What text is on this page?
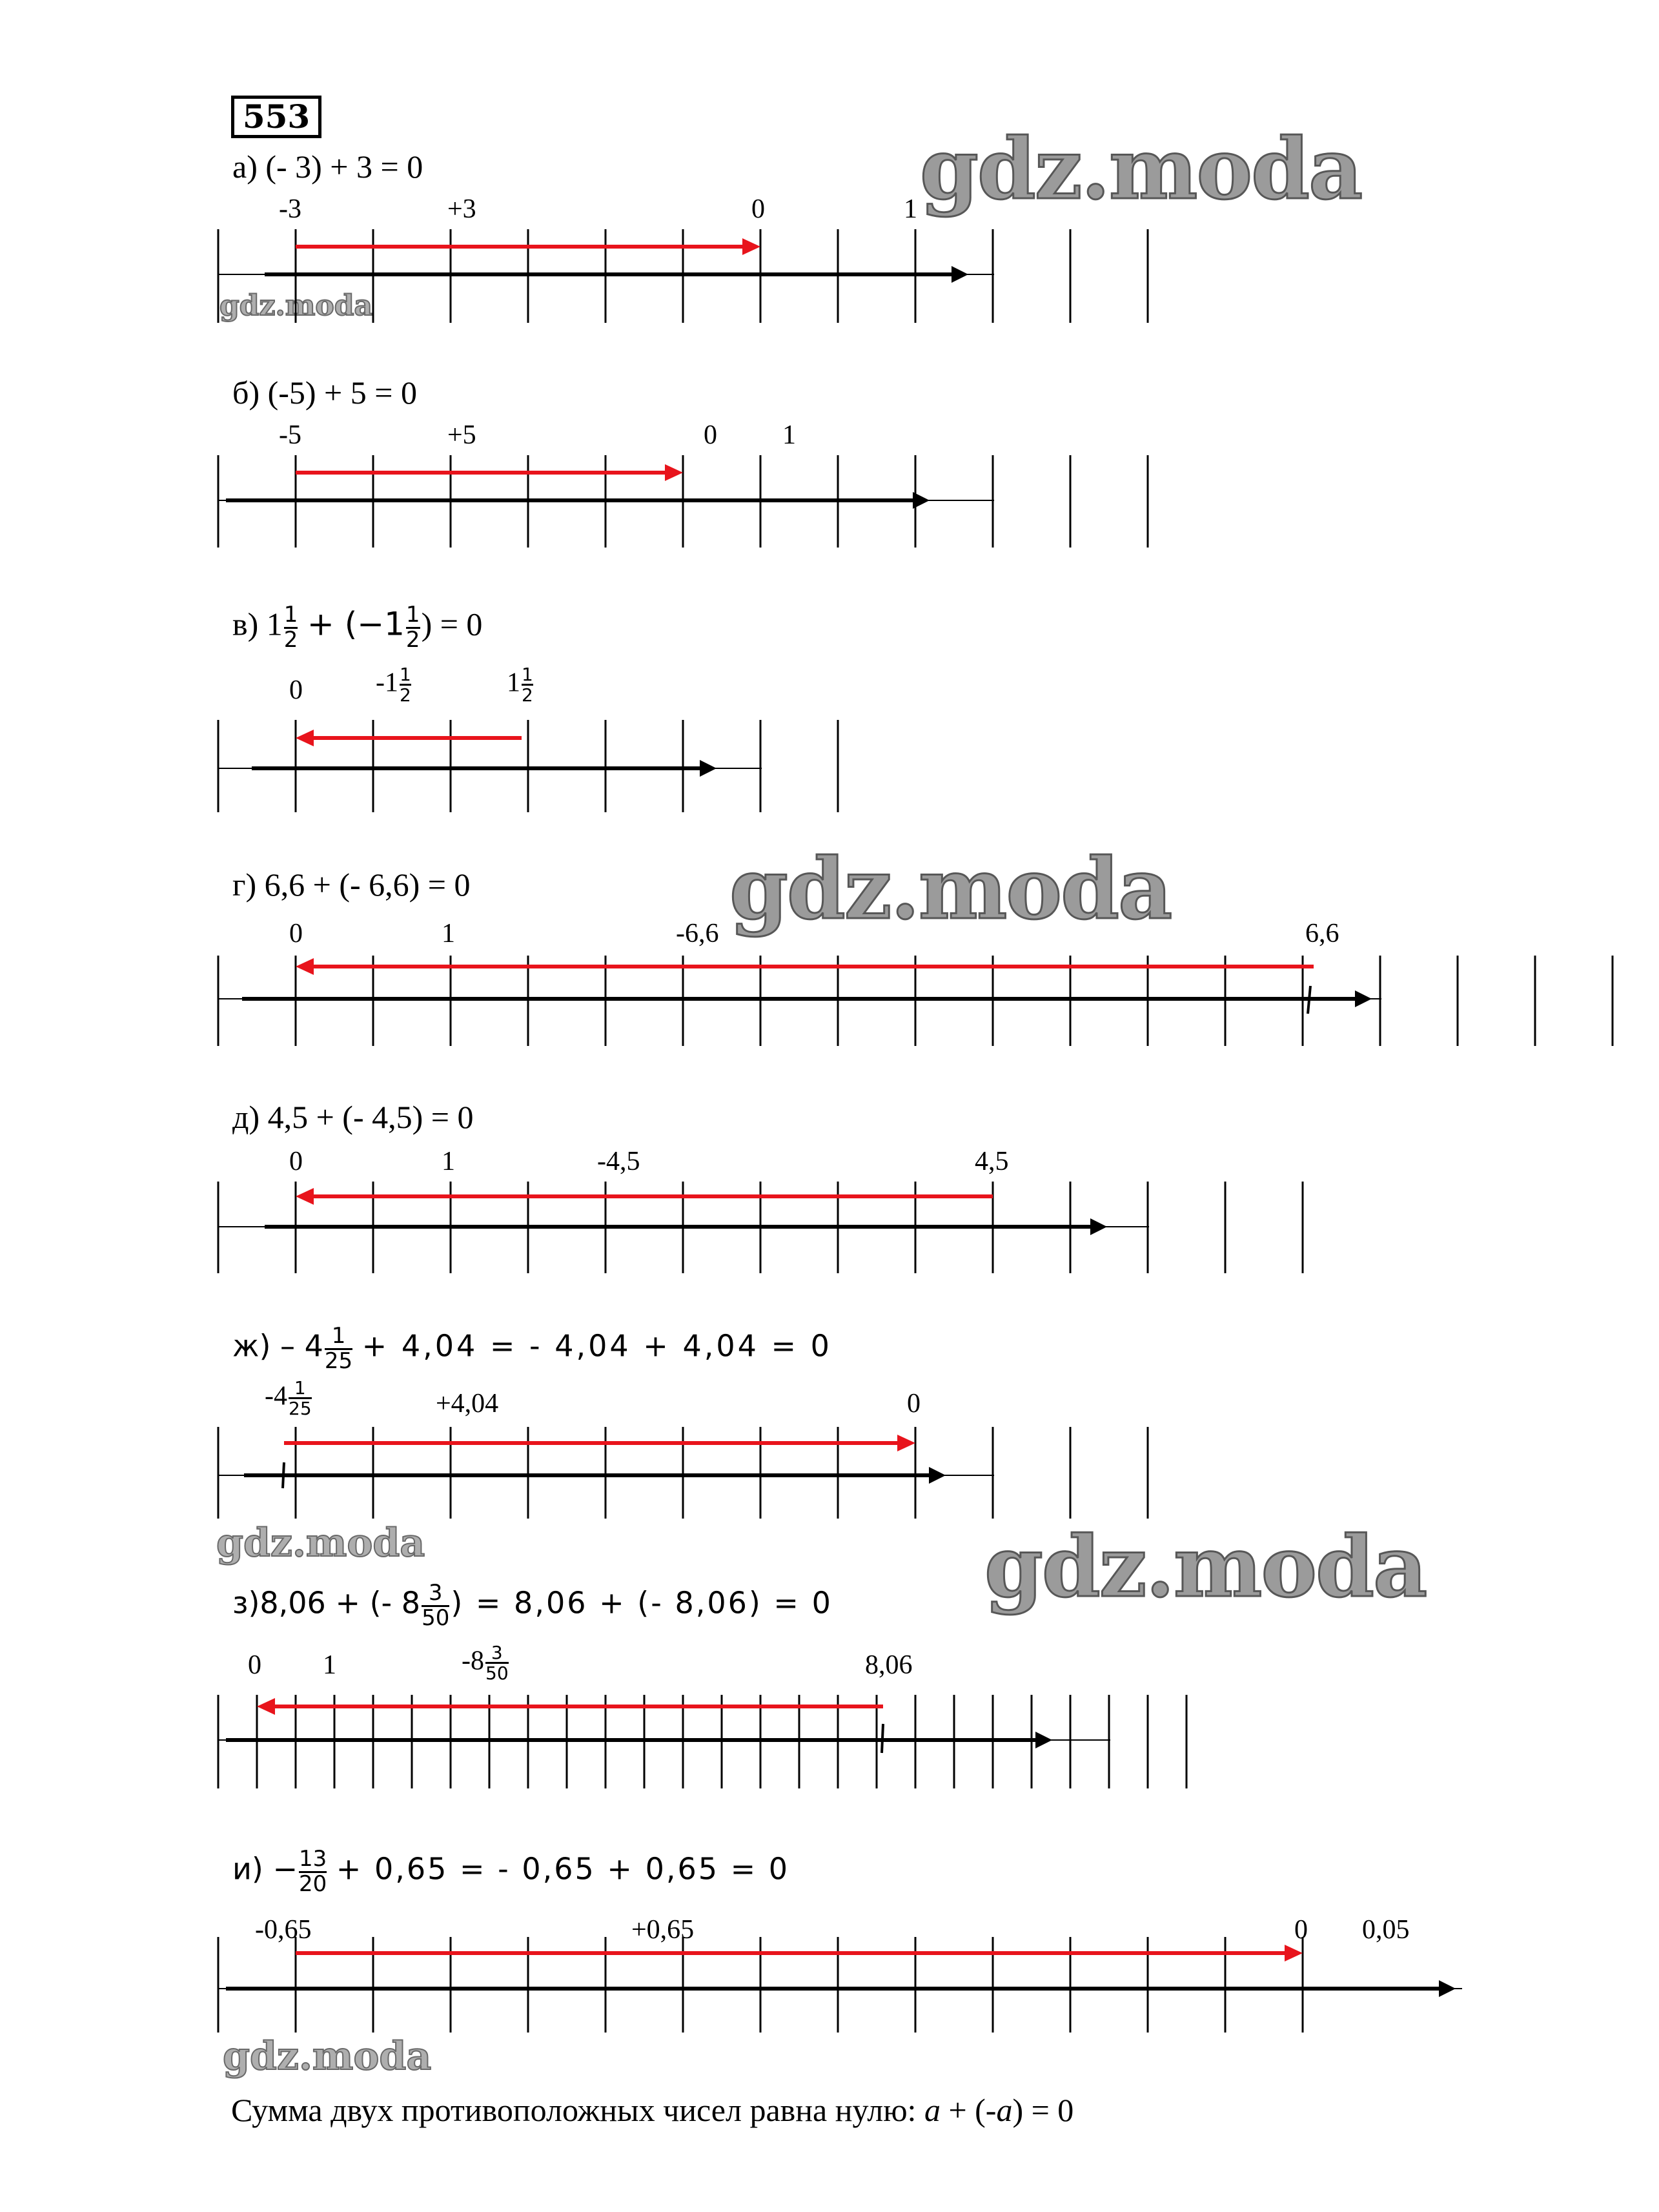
553
gdz.moda
gdz.moda
gdz.moda
gdz.moda
gdz.moda
gdz.moda
а) (- 3) + 3 = 0
-3	+3	0	1
б) (-5) + 5 = 0
-5	+5	0 1
в) $1 \frac{1}{2} + (-1 \frac{1}{2}$ ) = 0
0	$-1 \frac{1}{2}$	$1 \frac{1}{2}$
г) 6,6 + (- 6,6) = 0
0	1	-6,6	6,6
д) 4,5 + (- 4,5) = 0
0	1	-4,5	4,5
$ж) - 4 \frac{1}{25} + 4,04$ = - 4,04 + 4,04 = 0
$-4 \frac{1}{25}$	+4,04	0
з)8,06 + (- $8 \frac{3}{50}$ ) = 8,06 + (- 8,06) = 0
0 1	$-8 \frac{3}{50}$	8,06
$и) - \frac{13}{20} + 0,65$ = - 0,65 + 0,65 = 0
-0,65	+0,65	0 0,05
Сумма двух противоположных чисел равна нулю: a + (-a) = 0
